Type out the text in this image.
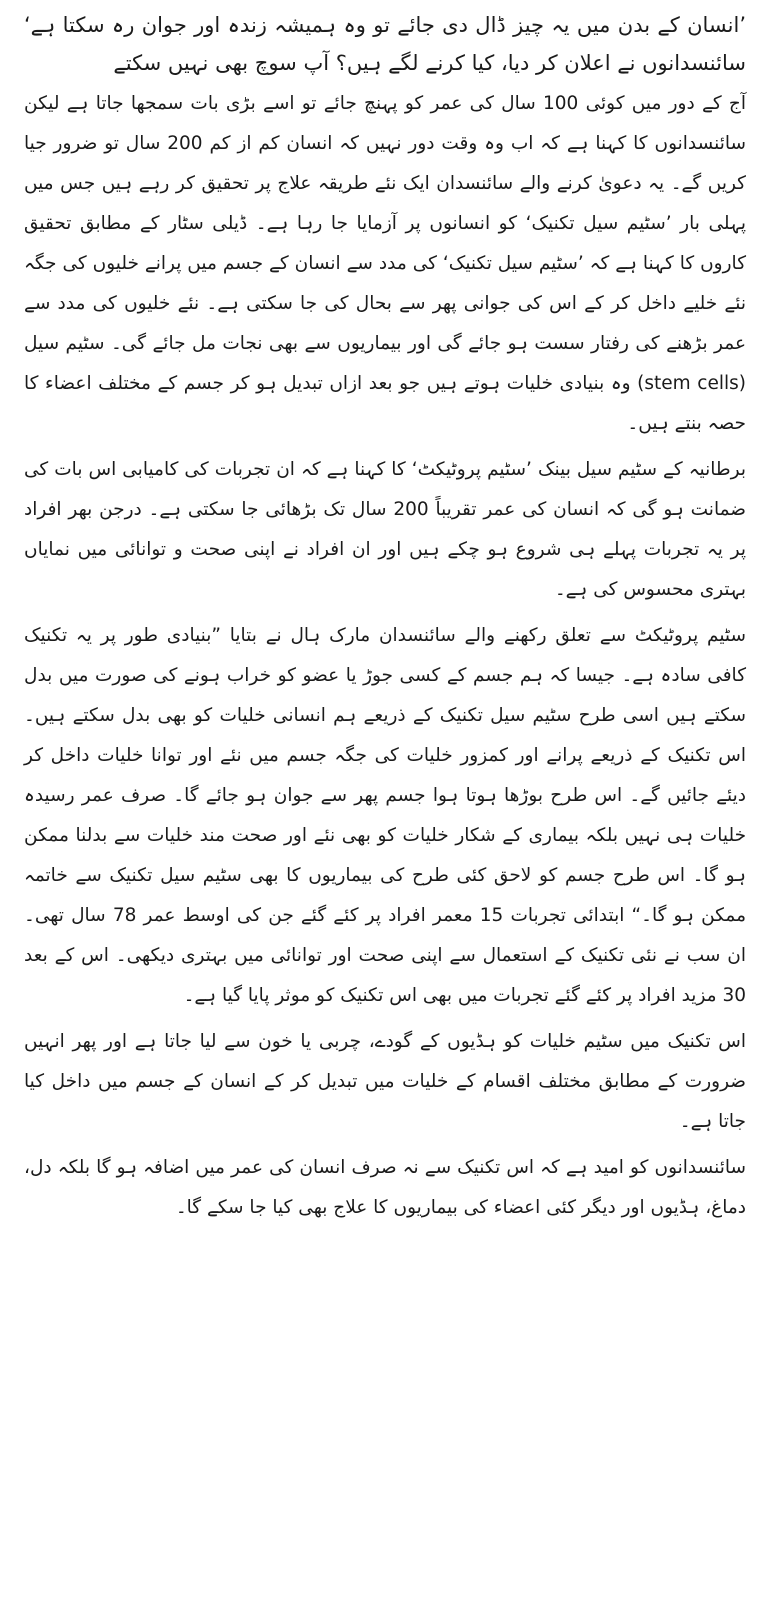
’انسان کے بدن میں یہ چیز ڈال دی جائے تو وہ ہمیشہ زندہ اور جوان رہ سکتا ہے‘ سائنسدانوں نے اعلان کر دیا، کیا کرنے لگے ہیں؟ آپ سوچ بھی نہیں سکتے

آج کے دور میں کوئی 100 سال کی عمر کو پہنچ جائے تو اسے بڑی بات سمجھا جاتا ہے لیکن سائنسدانوں کا کہنا ہے کہ اب وہ وقت دور نہیں کہ انسان کم از کم 200 سال تو ضرور جیا کریں گے۔ یہ دعویٰ کرنے والے سائنسدان ایک نئے طریقہ علاج پر تحقیق کر رہے ہیں جس میں پہلی بار ’سٹیم سیل تکنیک‘ کو انسانوں پر آزمایا جا رہا ہے۔ ڈیلی سٹار کے مطابق تحقیق کاروں کا کہنا ہے کہ ’سٹیم سیل تکنیک‘ کی مدد سے انسان کے جسم میں پرانے خلیوں کی جگہ نئے خلیے داخل کر کے اس کی جوانی پھر سے بحال کی جا سکتی ہے۔ نئے خلیوں کی مدد سے عمر بڑھنے کی رفتار سست ہو جائے گی اور بیماریوں سے بھی نجات مل جائے گی۔ سٹیم سیل (stem cells) وہ بنیادی خلیات ہوتے ہیں جو بعد ازاں تبدیل ہو کر جسم کے مختلف اعضاء کا حصہ بنتے ہیں۔

برطانیہ کے سٹیم سیل بینک ’سٹیم پروٹیکٹ‘ کا کہنا ہے کہ ان تجربات کی کامیابی اس بات کی ضمانت ہو گی کہ انسان کی عمر تقریباً 200 سال تک بڑھائی جا سکتی ہے۔ درجن بھر افراد پر یہ تجربات پہلے ہی شروع ہو چکے ہیں اور ان افراد نے اپنی صحت و توانائی میں نمایاں بہتری محسوس کی ہے۔

سٹیم پروٹیکٹ سے تعلق رکھنے والے سائنسدان مارک ہال نے بتایا ”بنیادی طور پر یہ تکنیک کافی سادہ ہے۔ جیسا کہ ہم جسم کے کسی جوڑ یا عضو کو خراب ہونے کی صورت میں بدل سکتے ہیں اسی طرح سٹیم سیل تکنیک کے ذریعے ہم انسانی خلیات کو بھی بدل سکتے ہیں۔ اس تکنیک کے ذریعے پرانے اور کمزور خلیات کی جگہ جسم میں نئے اور توانا خلیات داخل کر دیئے جائیں گے۔ اس طرح بوڑھا ہوتا ہوا جسم پھر سے جوان ہو جائے گا۔ صرف عمر رسیدہ خلیات ہی نہیں بلکہ بیماری کے شکار خلیات کو بھی نئے اور صحت مند خلیات سے بدلنا ممکن ہو گا۔ اس طرح جسم کو لاحق کئی طرح کی بیماریوں کا بھی سٹیم سیل تکنیک سے خاتمہ ممکن ہو گا۔“ ابتدائی تجربات 15 معمر افراد پر کئے گئے جن کی اوسط عمر 78 سال تھی۔ ان سب نے نئی تکنیک کے استعمال سے اپنی صحت اور توانائی میں بہتری دیکھی۔ اس کے بعد 30 مزید افراد پر کئے گئے تجربات میں بھی اس تکنیک کو موثر پایا گیا ہے۔

اس تکنیک میں سٹیم خلیات کو ہڈیوں کے گودے، چربی یا خون سے لیا جاتا ہے اور پھر انہیں ضرورت کے مطابق مختلف اقسام کے خلیات میں تبدیل کر کے انسان کے جسم میں داخل کیا جاتا ہے۔

سائنسدانوں کو امید ہے کہ اس تکنیک سے نہ صرف انسان کی عمر میں اضافہ ہو گا بلکہ دل، دماغ، ہڈیوں اور دیگر کئی اعضاء کی بیماریوں کا علاج بھی کیا جا سکے گا۔
